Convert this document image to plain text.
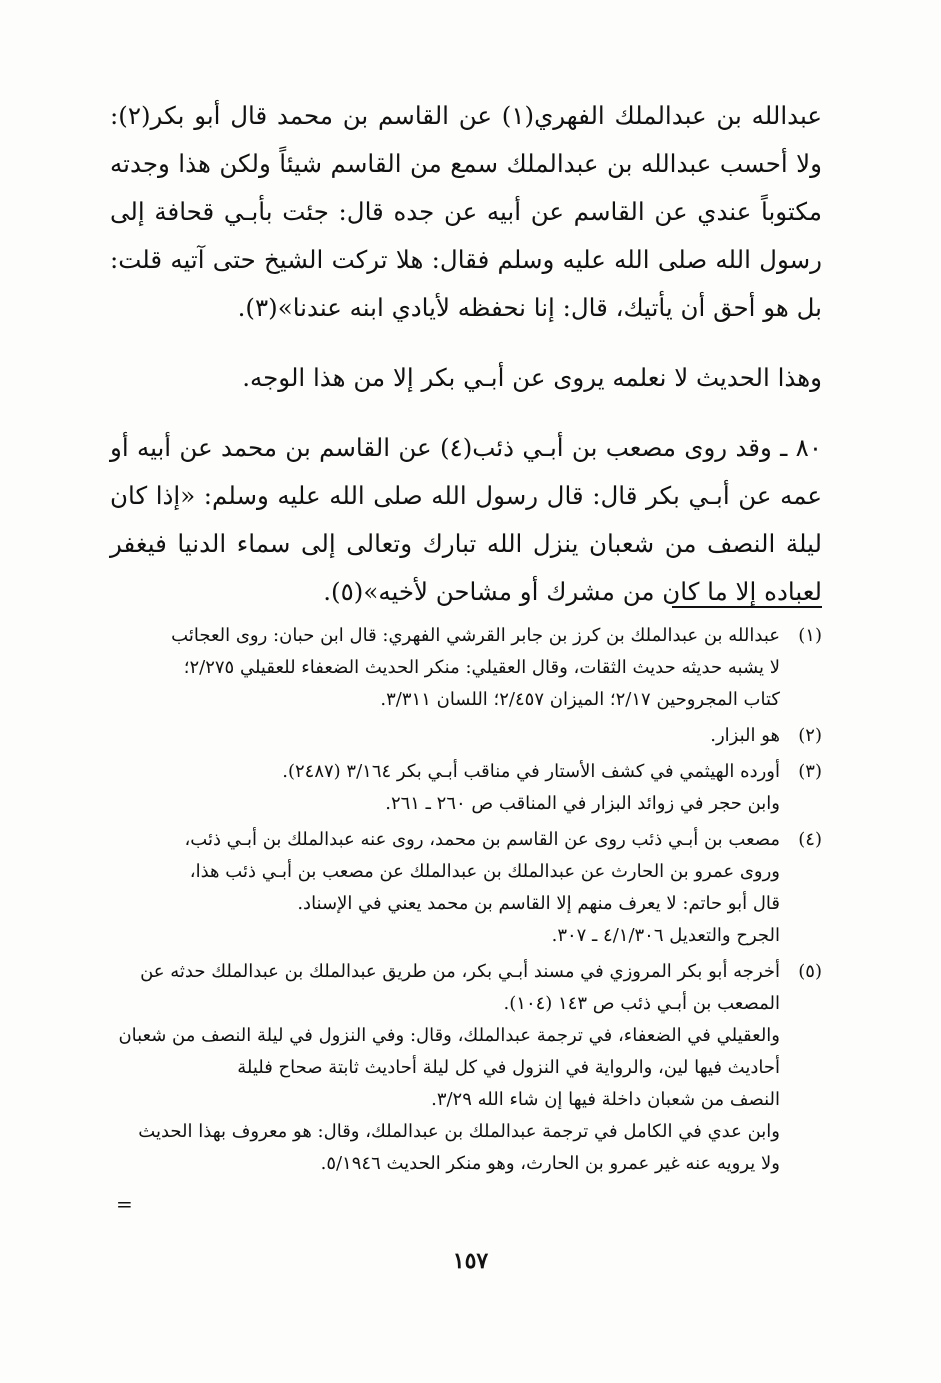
عبدالله بن عبدالملك الفهري(١) عن القاسم بن محمد قال أبو بكر(٢): ولا أحسب عبدالله بن عبدالملك سمع من القاسم شيئاً ولكن هذا وجدته مكتوباً عندي عن القاسم عن أبيه عن جده قال: جئت بأبـي قحافة إلى رسول الله صلى الله عليه وسلم فقال: هلا تركت الشيخ حتى آتيه قلت: بل هو أحق أن يأتيك، قال: إنا نحفظه لأيادي ابنه عندنا»(٣).

وهذا الحديث لا نعلمه يروى عن أبـي بكر إلا من هذا الوجه.

٨٠ ـ وقد روى مصعب بن أبـي ذئب(٤) عن القاسم بن محمد عن أبيه أو عمه عن أبـي بكر قال: قال رسول الله صلى الله عليه وسلم: «إذا كان ليلة النصف من شعبان ينزل الله تبارك وتعالى إلى سماء الدنيا فيغفر لعباده إلا ما كان من مشرك أو مشاحن لأخيه»(٥).

(١)
عبدالله بن عبدالملك بن كرز بن جابر القرشي الفهري: قال ابن حبان: روى العجائب
لا يشبه حديثه حديث الثقات، وقال العقيلي: منكر الحديث الضعفاء للعقيلي ٢/٢٧٥؛
كتاب المجروحين ٢/١٧؛ الميزان ٢/٤٥٧؛ اللسان ٣/٣١١.
(٢)
هو البزار.
(٣)
أورده الهيثمي في كشف الأستار في مناقب أبـي بكر ٣/١٦٤ (٢٤٨٧).
وابن حجر في زوائد البزار في المناقب ص ٢٦٠ ـ ٢٦١.
(٤)
مصعب بن أبـي ذئب روى عن القاسم بن محمد، روى عنه عبدالملك بن أبـي ذئب،
وروى عمرو بن الحارث عن عبدالملك بن عبدالملك عن مصعب بن أبـي ذئب هذا،
قال أبو حاتم: لا يعرف منهم إلا القاسم بن محمد يعني في الإسناد.
الجرح والتعديل ٤/١/٣٠٦ ـ ٣٠٧.
(٥)
أخرجه أبو بكر المروزي في مسند أبـي بكر، من طريق عبدالملك بن عبدالملك حدثه عن
المصعب بن أبـي ذئب ص ١٤٣ (١٠٤).
والعقيلي في الضعفاء، في ترجمة عبدالملك، وقال: وفي النزول في ليلة النصف من شعبان
أحاديث فيها لين، والرواية في النزول في كل ليلة أحاديث ثابتة صحاح فليلة
النصف من شعبان داخلة فيها إن شاء الله ٣/٢٩.
وابن عدي في الكامل في ترجمة عبدالملك بن عبدالملك، وقال: هو معروف بهذا الحديث
ولا يرويه عنه غير عمرو بن الحارث، وهو منكر الحديث ٥/١٩٤٦.
=
١٥٧
